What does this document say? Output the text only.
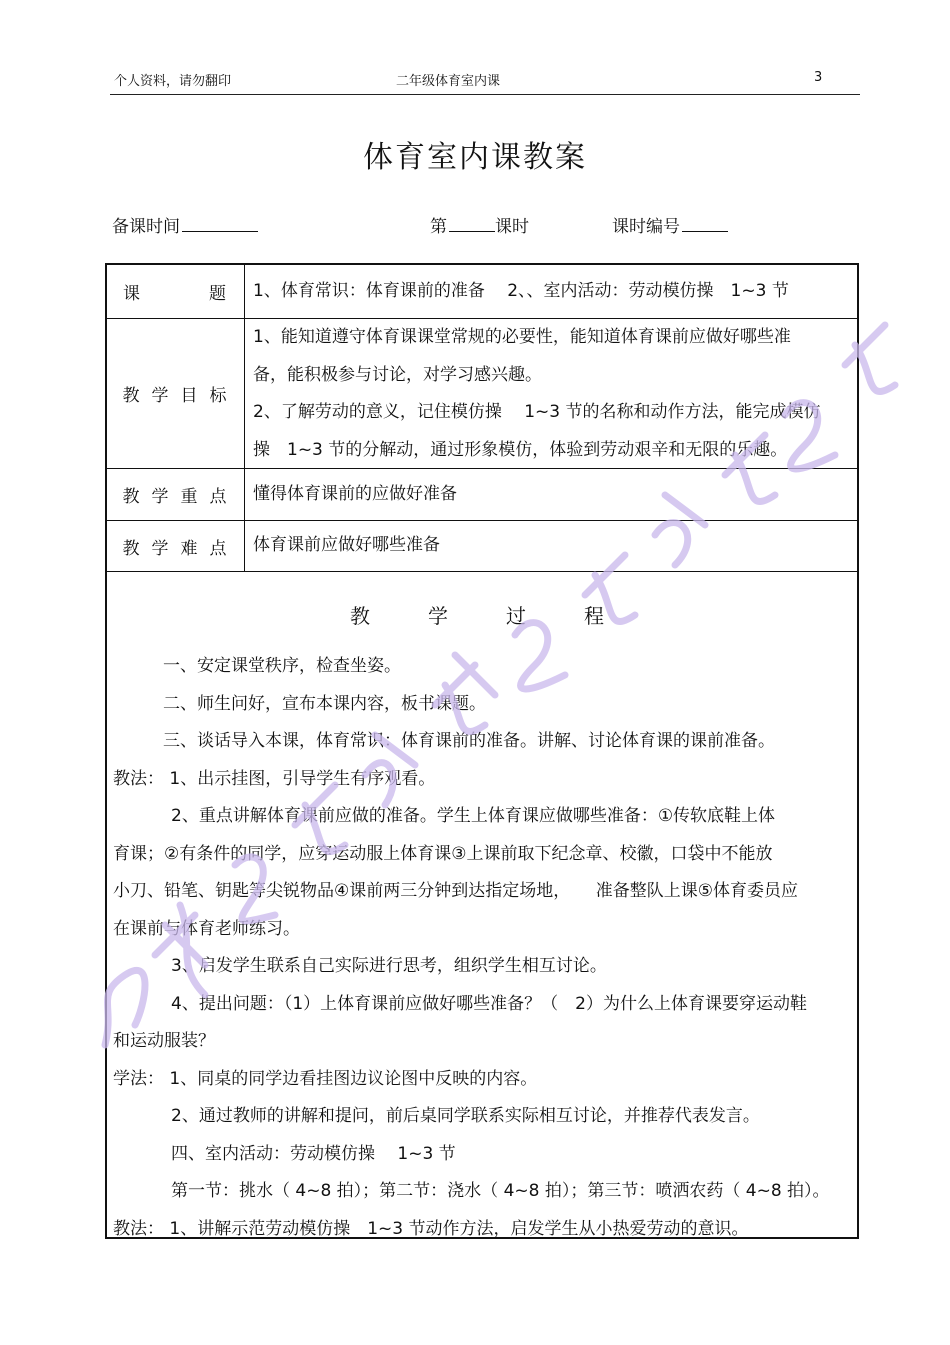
个人资料，请勿翻印	二年级体育室内课	3
体育室内课教案
备课时间	第	课时	课时编号
课	题 1、体育常识：体育课前的准备　 2、、室内活动：劳动模仿操　1~3 节
教学目标
1、能知道遵守体育课课堂常规的必要性，能知道体育课前应做好哪些准
备，能积极参与讨论，对学习感兴趣。
2、了解劳动的意义，记住模仿操　 1~3 节的名称和动作方法，能完成模仿
操　1~3 节的分解动，通过形象模仿，体验到劳动艰辛和无限的乐趣。
教学重点 懂得体育课前的应做好准备
教学难点 体育课前应做好哪些准备
教学过程

一、安定课堂秩序，检查坐姿。

二、师生问好，宣布本课内容，板书课题。

三、谈话导入本课，体育常识：体育课前的准备。讲解、讨论体育课的课前准备。

教法： 1、出示挂图，引导学生有序观看。

2、重点讲解体育课前应做的准备。学生上体育课应做哪些准备：①传软底鞋上体

育课；②有条件的同学，应穿运动服上体育课③上课前取下纪念章、校徽，口袋中不能放

小刀、铅笔、钥匙等尖锐物品④课前两三分钟到达指定场地，　　准备整队上课⑤体育委员应

在课前与体育老师练习。

3、启发学生联系自己实际进行思考，组织学生相互讨论。

4、提出问题：（1）上体育课前应做好哪些准备？（　2）为什么上体育课要穿运动鞋

和运动服装？

学法： 1、同桌的同学边看挂图边议论图中反映的内容。

2、通过教师的讲解和提问，前后桌同学联系实际相互讨论，并推荐代表发言。

四、室内活动：劳动模仿操　 1~3 节

第一节：挑水（ 4~8 拍）；第二节：浇水（ 4~8 拍）；第三节：喷洒农药（ 4~8 拍）。

教法： 1、讲解示范劳动模仿操　1~3 节动作方法，启发学生从小热爱劳动的意识。
